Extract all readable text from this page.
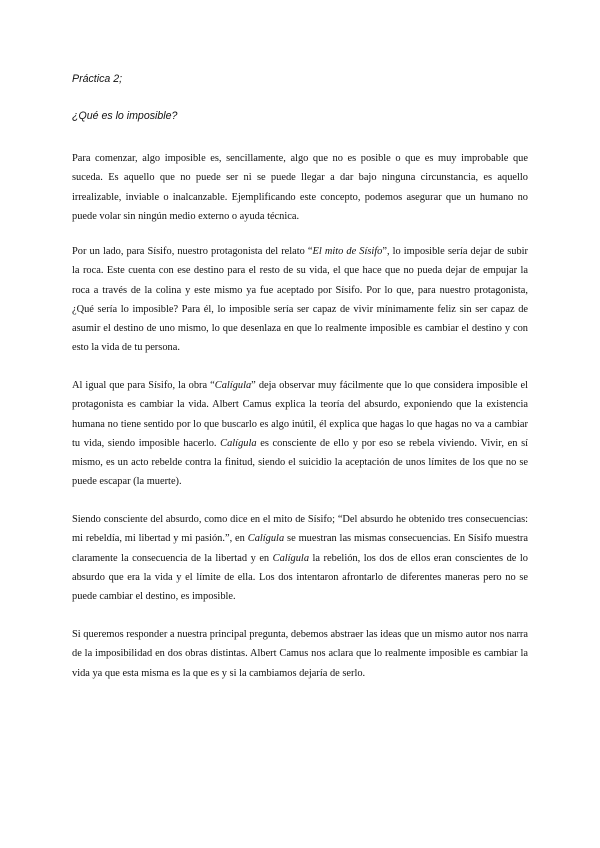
Práctica 2;
¿Qué es lo imposible?

Para comenzar, algo imposible es, sencillamente, algo que no es posible o que es muy improbable que suceda. Es aquello que no puede ser ni se puede llegar a dar bajo ninguna circunstancia, es aquello irrealizable, inviable o inalcanzable. Ejemplificando este concepto, podemos asegurar que un humano no puede volar sin ningún medio externo o ayuda técnica.

Por un lado, para Sísifo, nuestro protagonista del relato “El mito de Sísifo”, lo imposible sería dejar de subir la roca. Este cuenta con ese destino para el resto de su vida, el que hace que no pueda dejar de empujar la roca a través de la colina y este mismo ya fue aceptado por Sísifo. Por lo que, para nuestro protagonista, ¿Qué sería lo imposible? Para él, lo imposible sería ser capaz de vivir mínimamente feliz sin ser capaz de asumir el destino de uno mismo, lo que desenlaza en que lo realmente imposible es cambiar el destino y con esto la vida de tu persona.

Al igual que para Sísifo, la obra “Calígula” deja observar muy fácilmente que lo que considera imposible el protagonista es cambiar la vida. Albert Camus explica la teoría del absurdo, exponiendo que la existencia humana no tiene sentido por lo que buscarlo es algo inútil, él explica que hagas lo que hagas no va a cambiar tu vida, siendo imposible hacerlo. Calígula es consciente de ello y por eso se rebela viviendo. Vivir, en sí mismo, es un acto rebelde contra la finitud, siendo el suicidio la aceptación de unos límites de los que no se puede escapar (la muerte).

Siendo consciente del absurdo, como dice en el mito de Sísifo; “Del absurdo he obtenido tres consecuencias: mi rebeldía, mi libertad y mi pasión.”, en Calígula se muestran las mismas consecuencias. En Sísifo muestra claramente la consecuencia de la libertad y en Calígula la rebelión, los dos de ellos eran conscientes de lo absurdo que era la vida y el límite de ella. Los dos intentaron afrontarlo de diferentes maneras pero no se puede cambiar el destino, es imposible.

Si queremos responder a nuestra principal pregunta, debemos abstraer las ideas que un mismo autor nos narra de la imposibilidad en dos obras distintas. Albert Camus nos aclara que lo realmente imposible es cambiar la vida ya que esta misma es la que es y si la cambiamos dejaría de serlo.
